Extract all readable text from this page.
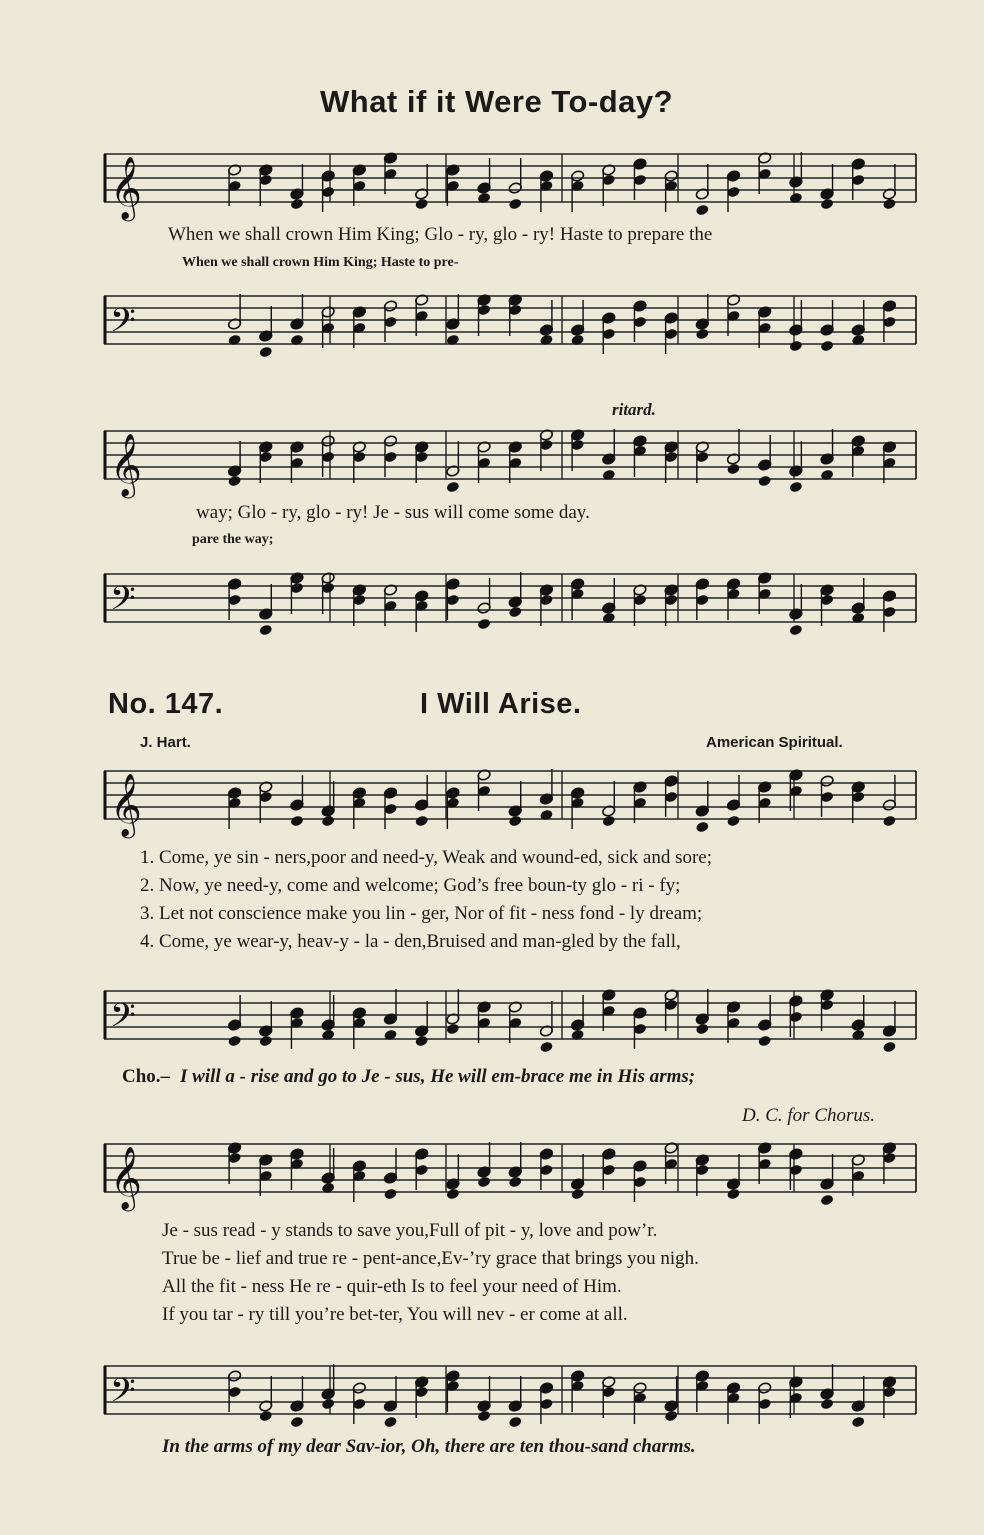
What if it Were To-day?
𝄞
When we shall crown Him King; Glo - ry, glo - ry! Haste to prepare the
When we shall crown Him King; Haste to pre-
𝄢
ritard.
𝄞
way; Glo - ry, glo - ry! Je - sus will come some day.
pare the way;
𝄢
No. 147.	I Will Arise.
J. Hart.	American Spiritual.
𝄞
1. Come, ye sin - ners,poor and need-y, Weak and wound-ed, sick and sore;
2. Now, ye need-y, come and welcome; God’s free boun-ty glo - ri - fy;
3. Let not conscience make you lin - ger, Nor of fit - ness fond - ly dream;
4. Come, ye wear-y, heav-y - la - den,Bruised and man-gled by the fall,
𝄢
Cho.– I will a - rise and go to Je - sus, He will em-brace me in His arms;
D. C. for Chorus.
𝄞
Je - sus read - y stands to save you,Full of pit - y, love and pow’r.
True be - lief and true re - pent-ance,Ev-’ry grace that brings you nigh.
All the fit - ness He re - quir-eth Is to feel your need of Him.
If you tar - ry till you’re bet-ter, You will nev - er come at all.
𝄢
In the arms of my dear Sav-ior, Oh, there are ten thou-sand charms.
